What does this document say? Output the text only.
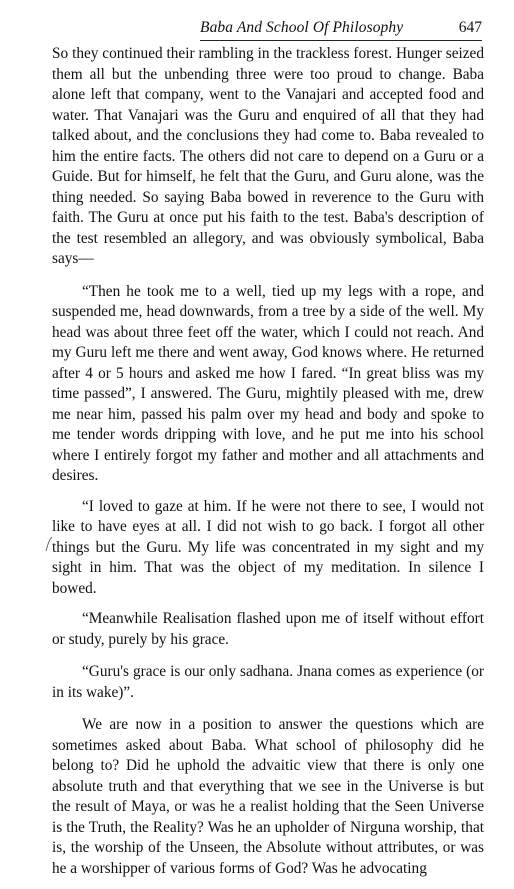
Baba And School Of Philosophy	647

So they continued their rambling in the trackless forest. Hunger seized them all but the unbending three were too proud to change. Baba alone left that company, went to the Vanajari and accepted food and water. That Vanajari was the Guru and enquired of all that they had talked about, and the conclusions they had come to. Baba revealed to him the entire facts. The others did not care to depend on a Guru or a Guide. But for himself, he felt that the Guru, and Guru alone, was the thing needed. So saying Baba bowed in reverence to the Guru with faith. The Guru at once put his faith to the test. Baba's description of the test resembled an allegory, and was obviously symbolical, Baba says—

“Then he took me to a well, tied up my legs with a rope, and suspended me, head downwards, from a tree by a side of the well. My head was about three feet off the water, which I could not reach. And my Guru left me there and went away, God knows where. He returned after 4 or 5 hours and asked me how I fared. “In great bliss was my time passed”, I answered. The Guru, mightily pleased with me, drew me near him, passed his palm over my head and body and spoke to me tender words dripping with love, and he put me into his school where I entirely forgot my father and mother and all attachments and desires.

“I loved to gaze at him. If he were not there to see, I would not like to have eyes at all. I did not wish to go back. I forgot all other things but the Guru. My life was concentrated in my sight and my sight in him. That was the object of my meditation. In silence I bowed.

“Meanwhile Realisation flashed upon me of itself without effort or study, purely by his grace.

“Guru's grace is our only sadhana. Jnana comes as experience (or in its wake)”.

We are now in a position to answer the questions which are sometimes asked about Baba. What school of philosophy did he belong to? Did he uphold the advaitic view that there is only one absolute truth and that everything that we see in the Universe is but the result of Maya, or was he a realist holding that the Seen Universe is the Truth, the Reality? Was he an upholder of Nirguna worship, that is, the worship of the Unseen, the Absolute without attributes, or was he a worshipper of various forms of God? Was he advocating
